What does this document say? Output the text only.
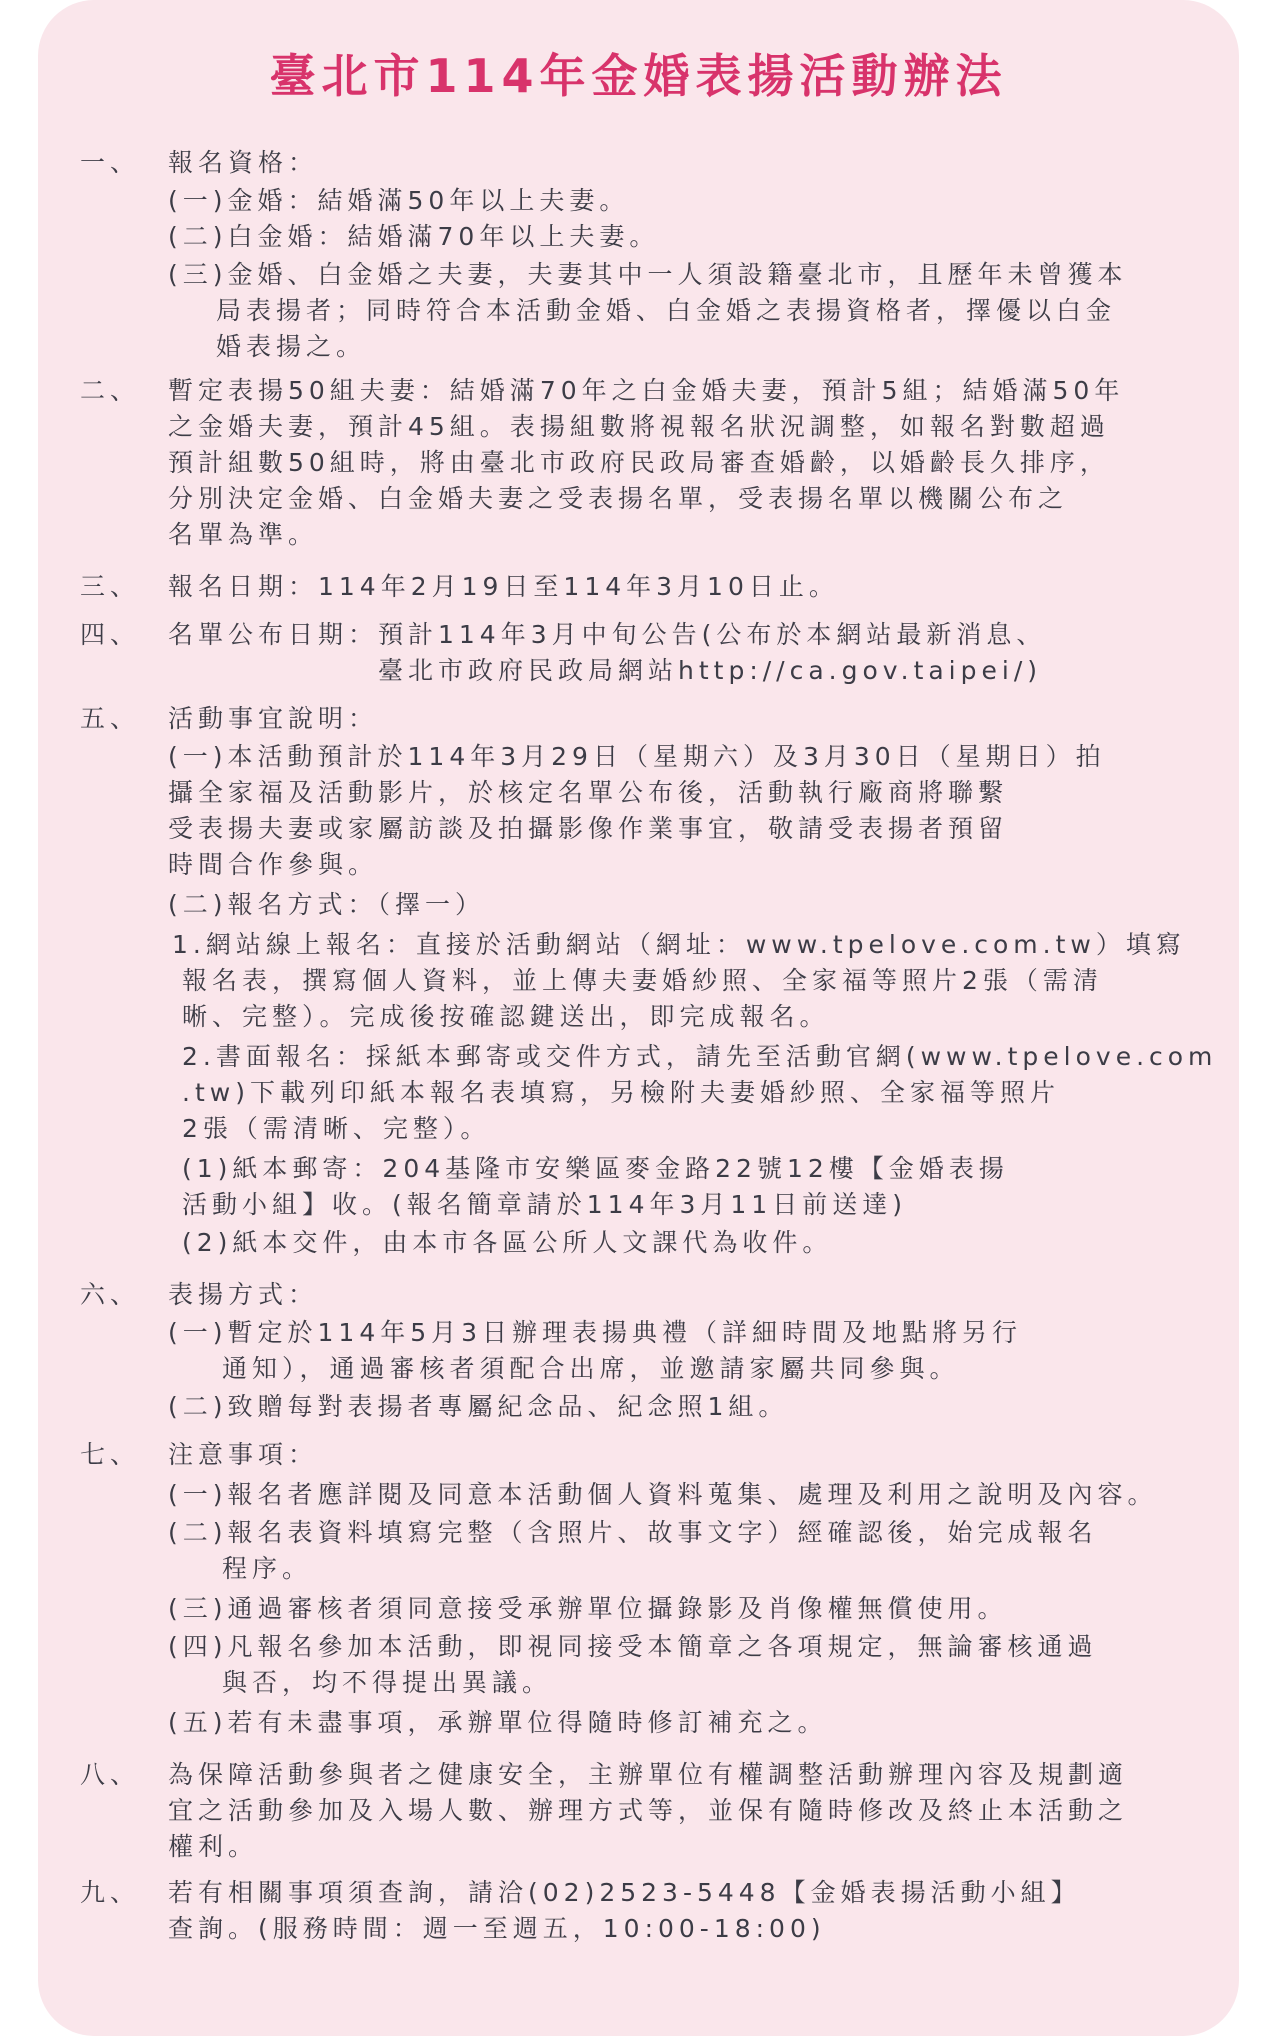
臺北市114年金婚表揚活動辦法
一、 報名資格：
(一)金婚：結婚滿50年以上夫妻。
(二)白金婚：結婚滿70年以上夫妻。
(三)金婚、白金婚之夫妻，夫妻其中一人須設籍臺北市，且歷年未曾獲本
局表揚者；同時符合本活動金婚、白金婚之表揚資格者，擇優以白金
婚表揚之。
二、 暫定表揚50組夫妻：結婚滿70年之白金婚夫妻，預計5組；結婚滿50年
之金婚夫妻，預計45組。表揚組數將視報名狀況調整，如報名對數超過
預計組數50組時，將由臺北市政府民政局審查婚齡，以婚齡長久排序，
分別決定金婚、白金婚夫妻之受表揚名單，受表揚名單以機關公布之
名單為準。
三、 報名日期：114年2月19日至114年3月10日止。
四、 名單公布日期：預計114年3月中旬公告(公布於本網站最新消息、
臺北市政府民政局網站http://ca.gov.taipei/)
五、 活動事宜說明：
(一)本活動預計於114年3月29日（星期六）及3月30日（星期日）拍
攝全家福及活動影片，於核定名單公布後，活動執行廠商將聯繫
受表揚夫妻或家屬訪談及拍攝影像作業事宜，敬請受表揚者預留
時間合作參與。
(二)報名方式：（擇一）
1.網站線上報名：直接於活動網站（網址：www.tpelove.com.tw）填寫
報名表，撰寫個人資料，並上傳夫妻婚紗照、全家福等照片2張（需清
晰、完整）。完成後按確認鍵送出，即完成報名。
2.書面報名：採紙本郵寄或交件方式，請先至活動官網(www.tpelove.com
.tw)下載列印紙本報名表填寫，另檢附夫妻婚紗照、全家福等照片
2張（需清晰、完整）。
(1)紙本郵寄：204基隆市安樂區麥金路22號12樓【金婚表揚
活動小組】收。(報名簡章請於114年3月11日前送達)
(2)紙本交件，由本市各區公所人文課代為收件。
六、 表揚方式：
(一)暫定於114年5月3日辦理表揚典禮（詳細時間及地點將另行
通知），通過審核者須配合出席，並邀請家屬共同參與。
(二)致贈每對表揚者專屬紀念品、紀念照1組。
七、 注意事項：
(一)報名者應詳閱及同意本活動個人資料蒐集、處理及利用之說明及內容。
(二)報名表資料填寫完整（含照片、故事文字）經確認後，始完成報名
程序。
(三)通過審核者須同意接受承辦單位攝錄影及肖像權無償使用。
(四)凡報名參加本活動，即視同接受本簡章之各項規定，無論審核通過
與否，均不得提出異議。
(五)若有未盡事項，承辦單位得隨時修訂補充之。
八、 為保障活動參與者之健康安全，主辦單位有權調整活動辦理內容及規劃適
宜之活動參加及入場人數、辦理方式等，並保有隨時修改及終止本活動之
權利。
九、 若有相關事項須查詢，請洽(02)2523-5448【金婚表揚活動小組】
查詢。(服務時間：週一至週五，10:00-18:00)
